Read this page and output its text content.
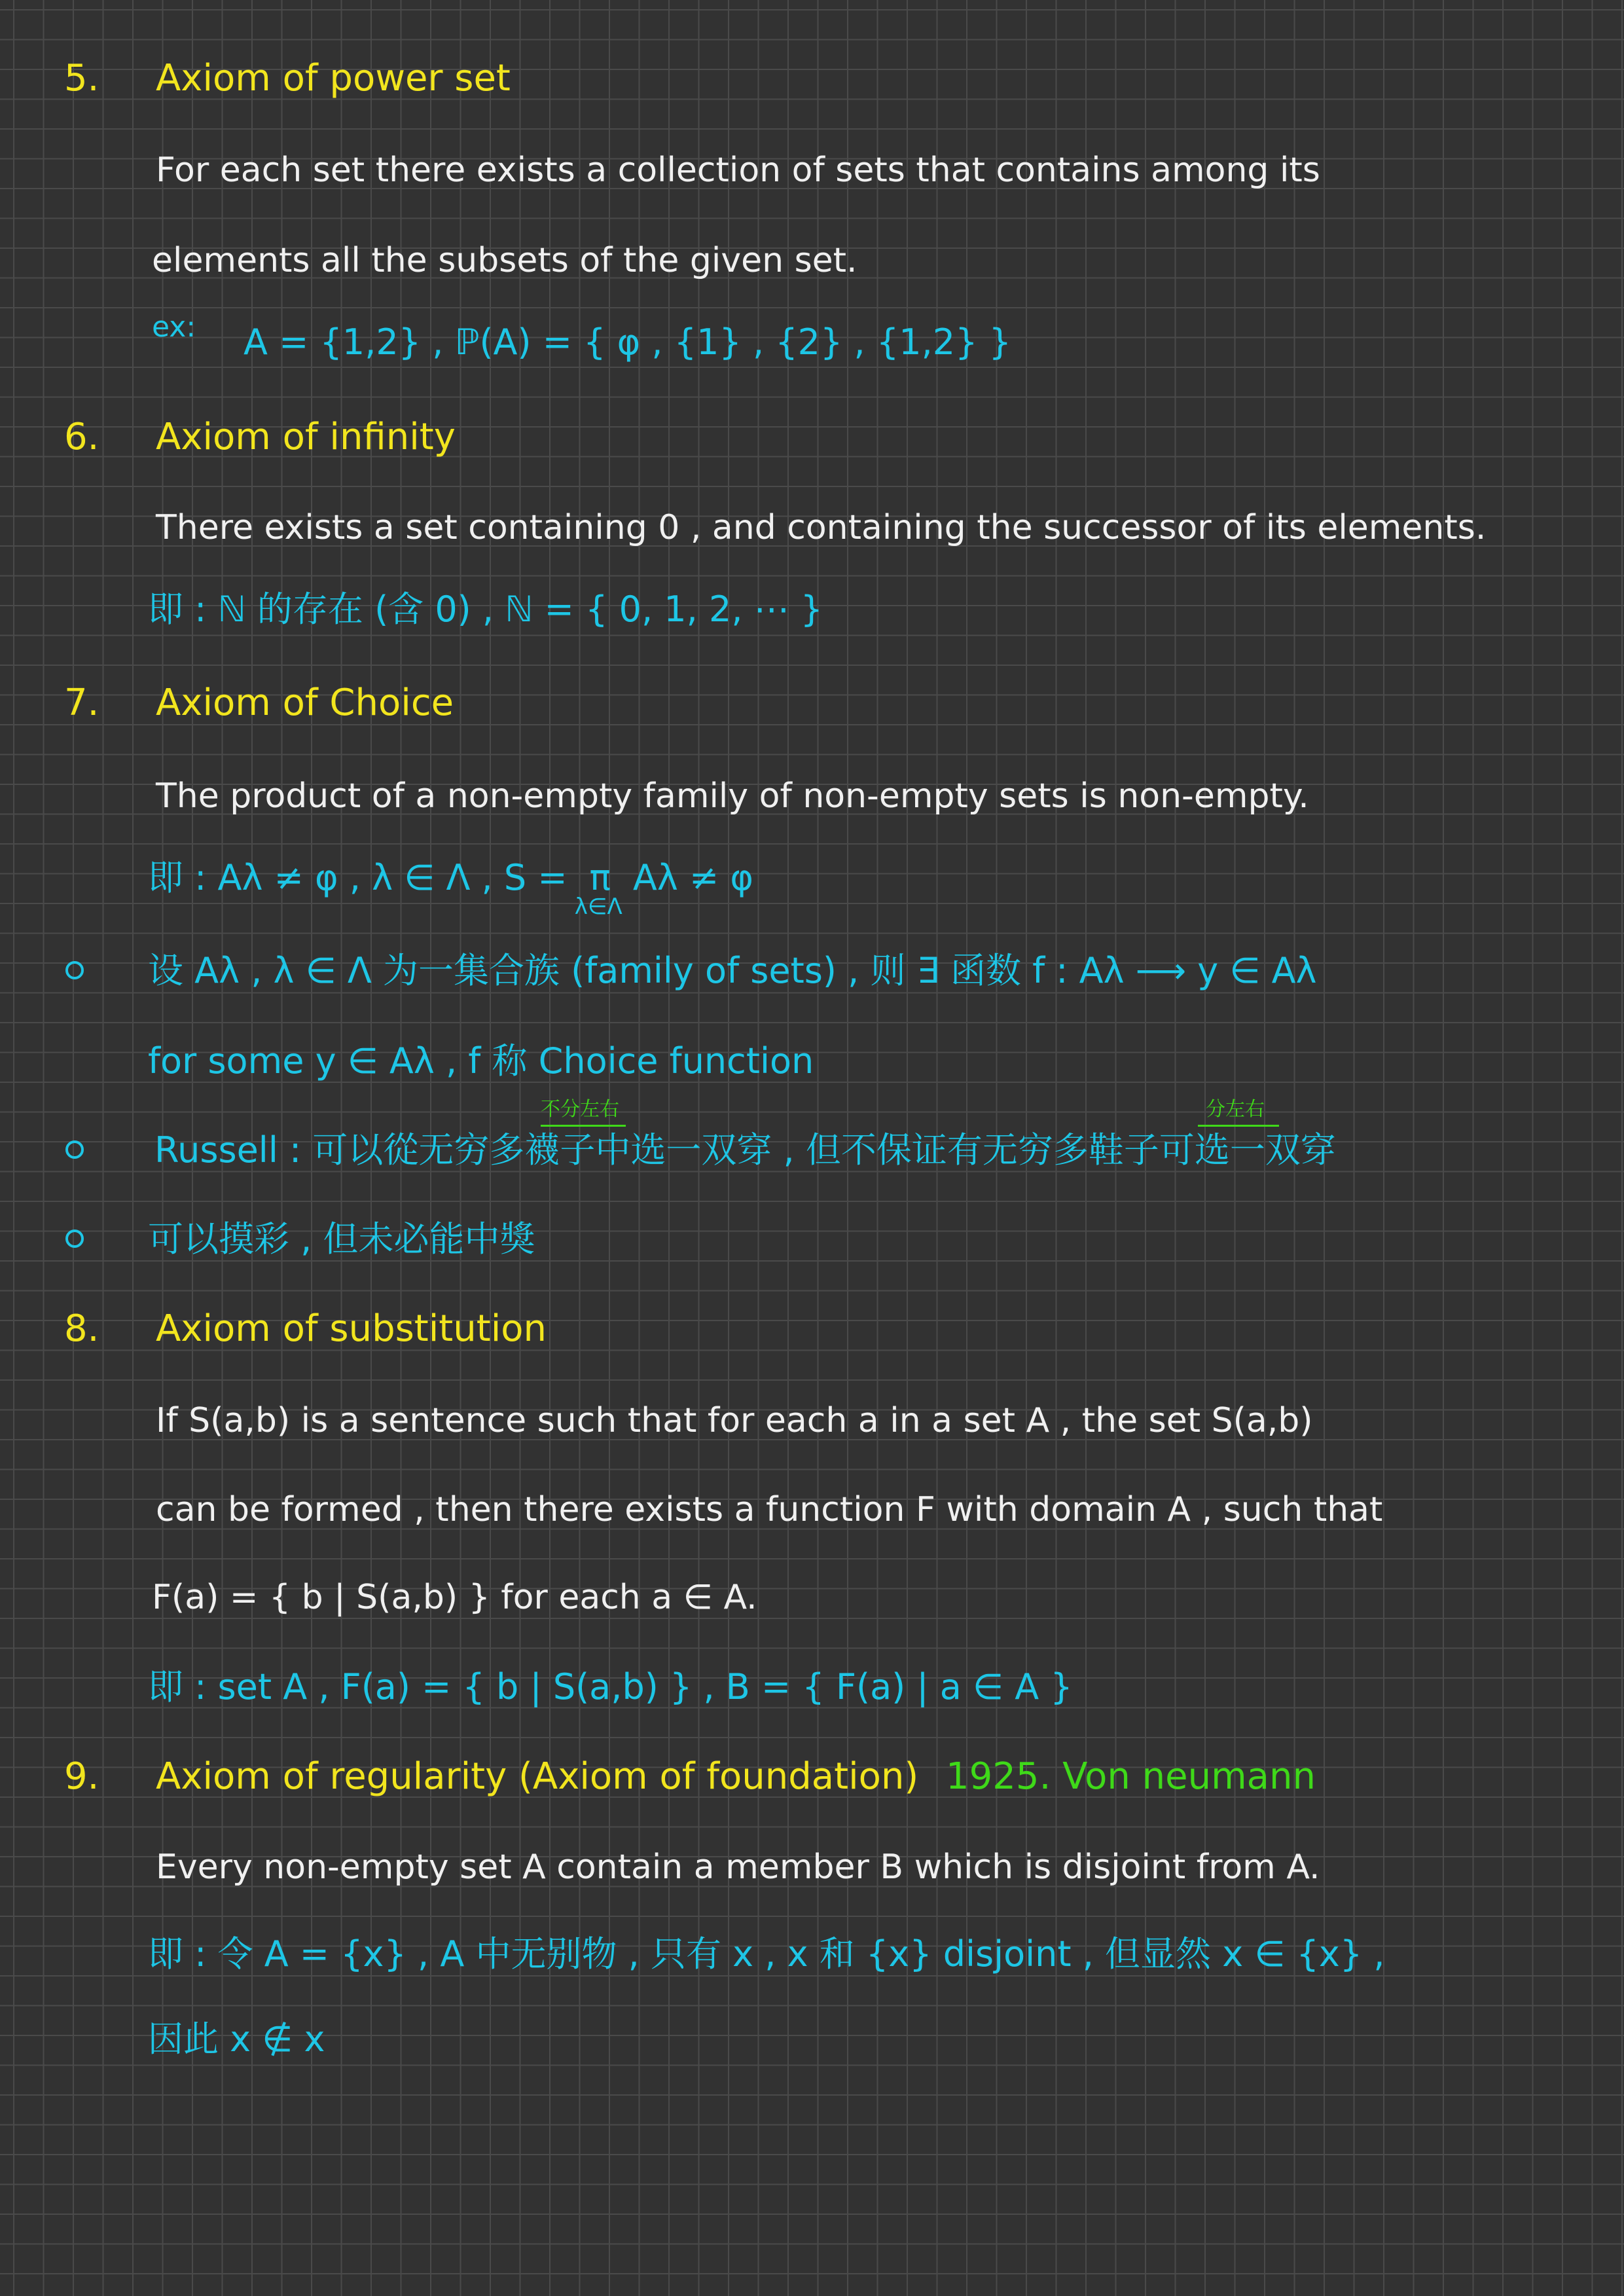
5. Axiom of power set
For each set there exists a collection of sets that contains among its
elements all the subsets of the given set.
ex: A = {1,2} , ℙ(A) = { φ , {1} , {2} , {1,2} }
6. Axiom of infinity
There exists a set containing 0 , and containing the successor of its elements.
即 : ℕ 的存在 (含 0) , ℕ = { 0, 1, 2, ⋯ }
7. Axiom of Choice
The product of a non-empty family of non-empty sets is non-empty.
即 : Aλ ≠ φ , λ ∈ Λ , S = π
λ∈Λ
Aλ ≠ φ
设 Aλ , λ ∈ Λ 为一集合族 (family of sets) , 则 ∃ 函数 f : Aλ ⟶ y ∈ Aλ
for some y ∈ Aλ , f 称 Choice function
不分左右	分左右
Russell : 可以從无穷多襪子中选一双穿 , 但不保证有无穷多鞋子可选一双穿
可以摸彩 , 但未必能中獎
8. Axiom of substitution
If S(a,b) is a sentence such that for each a in a set A , the set S(a,b)
can be formed , then there exists a function F with domain A , such that
F(a) = { b | S(a,b) } for each a ∈ A.
即 : set A , F(a) = { b | S(a,b) } , B = { F(a) | a ∈ A }
9. Axiom of regularity (Axiom of foundation) 1925. Von neumann
Every non-empty set A contain a member B which is disjoint from A.
即 : 令 A = {x} , A 中无别物 , 只有 x , x 和 {x} disjoint , 但显然 x ∈ {x} ,
因此 x ∉ x
